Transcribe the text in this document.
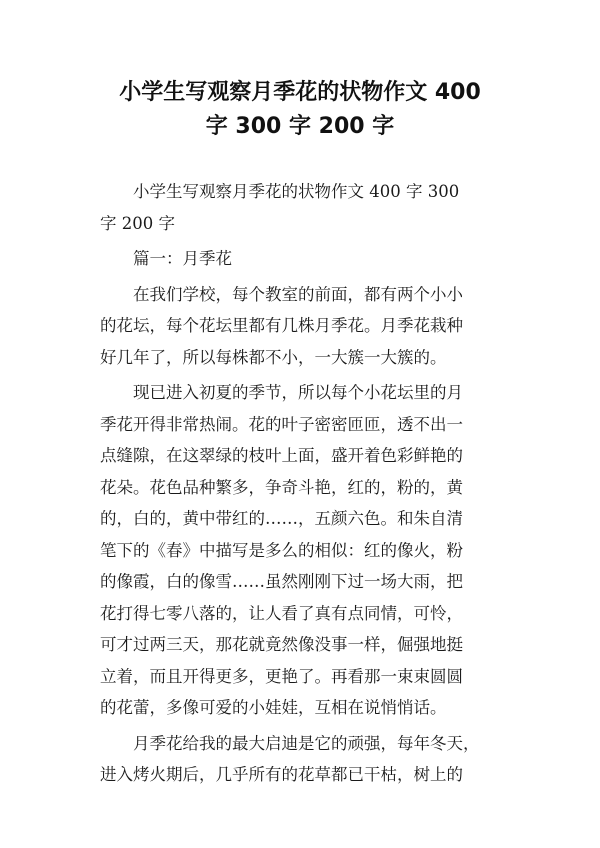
小学生写观察月季花的状物作文 400
字 300 字 200 字

小学生写观察月季花的状物作文 400 字 300
字 200 字

篇一：月季花

在我们学校，每个教室的前面，都有两个小小
的花坛，每个花坛里都有几株月季花。月季花栽种
好几年了，所以每株都不小，一大簇一大簇的。

现已进入初夏的季节，所以每个小花坛里的月
季花开得非常热闹。花的叶子密密匝匝，透不出一
点缝隙，在这翠绿的枝叶上面，盛开着色彩鲜艳的
花朵。花色品种繁多，争奇斗艳，红的，粉的，黄
的，白的，黄中带红的……，五颜六色。和朱自清
笔下的《春》中描写是多么的相似：红的像火，粉
的像霞，白的像雪……虽然刚刚下过一场大雨，把
花打得七零八落的，让人看了真有点同情，可怜，
可才过两三天，那花就竟然像没事一样，倔强地挺
立着，而且开得更多，更艳了。再看那一束束圆圆
的花蕾，多像可爱的小娃娃，互相在说悄悄话。

月季花给我的最大启迪是它的顽强，每年冬天，
进入烤火期后，几乎所有的花草都已干枯，树上的
